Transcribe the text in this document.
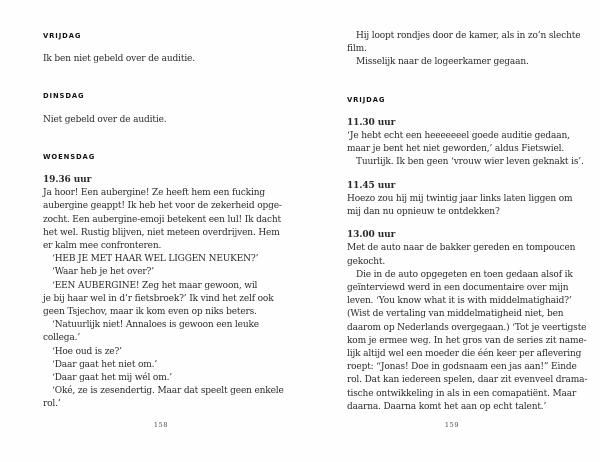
VRIJDAG
Ik ben niet gebeld over de auditie.
DINSDAG
Niet gebeld over de auditie.
WOENSDAG
19.36 uur
Ja hoor! Een aubergine! Ze heeft hem een fucking
aubergine geappt! Ik heb het voor de zekerheid opge-
zocht. Een aubergine-emoji betekent een lul! Ik dacht
het wel. Rustig blijven, niet meteen overdrijven. Hem
er kalm mee confronteren.
‘HEB JE MET HAAR WEL LIGGEN NEUKEN?’
‘Waar heb je het over?’
‘EEN AUBERGINE! Zeg het maar gewoon, wil
je bij haar wel in d’r fietsbroek?’ Ik vind het zelf ook
geen Tsjechov, maar ik kom even op niks beters.
‘Natuurlijk niet! Annaloes is gewoon een leuke
collega.’
‘Hoe oud is ze?’
‘Daar gaat het niet om.’
‘Daar gaat het mij wél om.’
‘Oké, ze is zesendertig. Maar dat speelt geen enkele
rol.’
Hij loopt rondjes door de kamer, als in zo’n slechte
film.
Misselijk naar de logeerkamer gegaan.
VRIJDAG
11.30 uur
‘Je hebt echt een heeeeeeel goede auditie gedaan,
maar je bent het niet geworden,’ aldus Fietswiel.
Tuurlijk. Ik ben geen ‘vrouw wier leven geknakt is’.
11.45 uur
Hoezo zou hij mij twintig jaar links laten liggen om
mij dan nu opnieuw te ontdekken?
13.00 uur
Met de auto naar de bakker gereden en tompoucen
gekocht.
Die in de auto opgegeten en toen gedaan alsof ik
geïnterviewd werd in een documentaire over mijn
leven. ‘You know what it is with middelmatighaid?’
(Wist de vertaling van middelmatigheid niet, ben
daarom op Nederlands overgegaan.) ‘Tot je veertigste
kom je ermee weg. In het gros van de series zit name-
lijk altijd wel een moeder die één keer per aflevering
roept: “Jonas! Doe in godsnaam een jas aan!” Einde
rol. Dat kan iedereen spelen, daar zit evenveel drama-
tische ontwikkeling in als in een comapatiënt. Maar
daarna. Daarna komt het aan op echt talent.’
158	159
